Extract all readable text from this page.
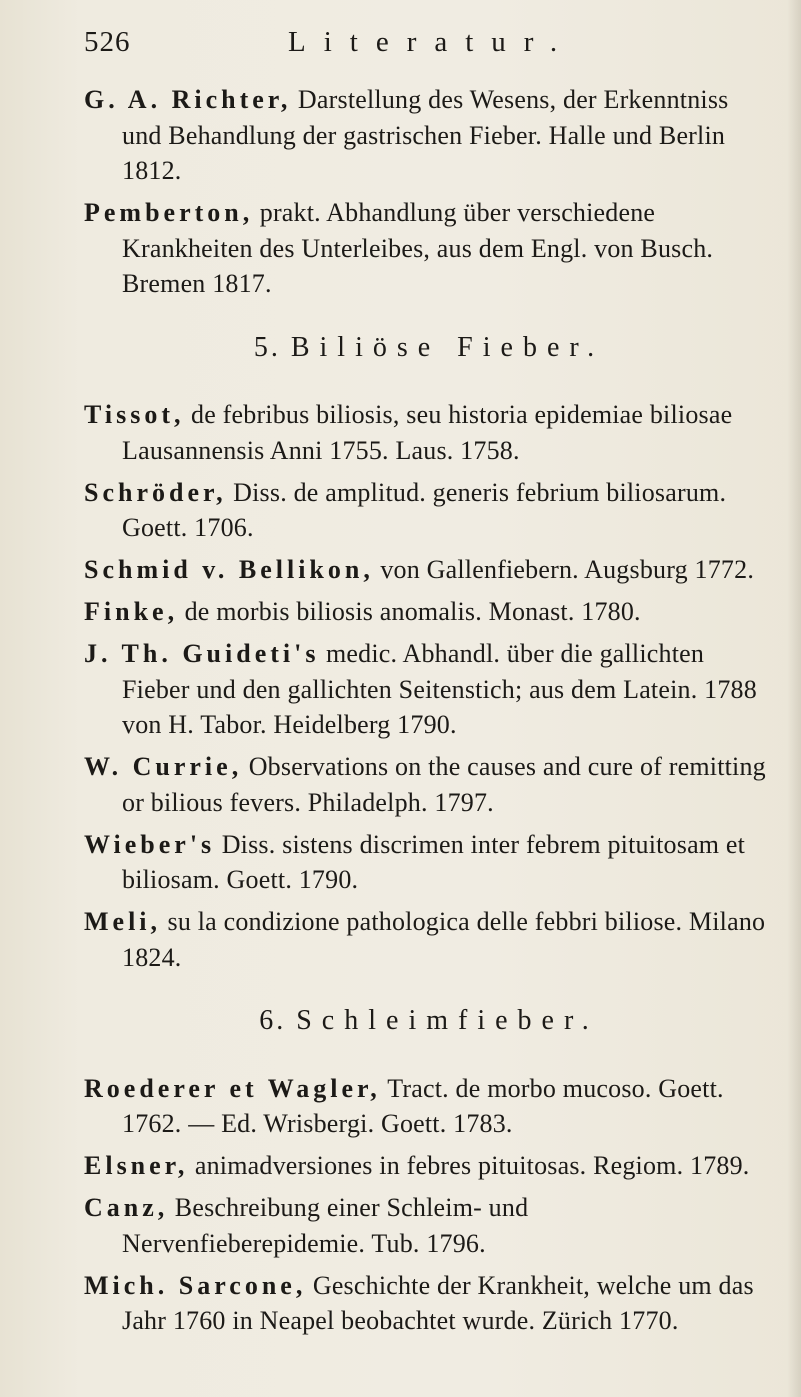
526	Literatur.

G. A. Richter, Darstellung des Wesens, der Erkenntniss und Behandlung der gastrischen Fieber. Halle und Berlin 1812.

Pemberton, prakt. Abhandlung über verschiedene Krankheiten des Unterleibes, aus dem Engl. von Busch. Bremen 1817.

5. Biliöse Fieber.

Tissot, de febribus biliosis, seu historia epidemiae biliosae Lausannensis Anni 1755. Laus. 1758.

Schröder, Diss. de amplitud. generis febrium biliosarum. Goett. 1706.

Schmid v. Bellikon, von Gallenfiebern. Augsburg 1772.

Finke, de morbis biliosis anomalis. Monast. 1780.

J. Th. Guideti's medic. Abhandl. über die gallichten Fieber und den gallichten Seitenstich; aus dem Latein. 1788 von H. Tabor. Heidelberg 1790.

W. Currie, Observations on the causes and cure of remitting or bilious fevers. Philadelph. 1797.

Wieber's Diss. sistens discrimen inter febrem pituitosam et biliosam. Goett. 1790.

Meli, su la condizione pathologica delle febbri biliose. Milano 1824.

6. Schleimfieber.

Roederer et Wagler, Tract. de morbo mucoso. Goett. 1762. — Ed. Wrisbergi. Goett. 1783.

Elsner, animadversiones in febres pituitosas. Regiom. 1789.

Canz, Beschreibung einer Schleim- und Nervenfieberepidemie. Tub. 1796.

Mich. Sarcone, Geschichte der Krankheit, welche um das Jahr 1760 in Neapel beobachtet wurde. Zürich 1770.
